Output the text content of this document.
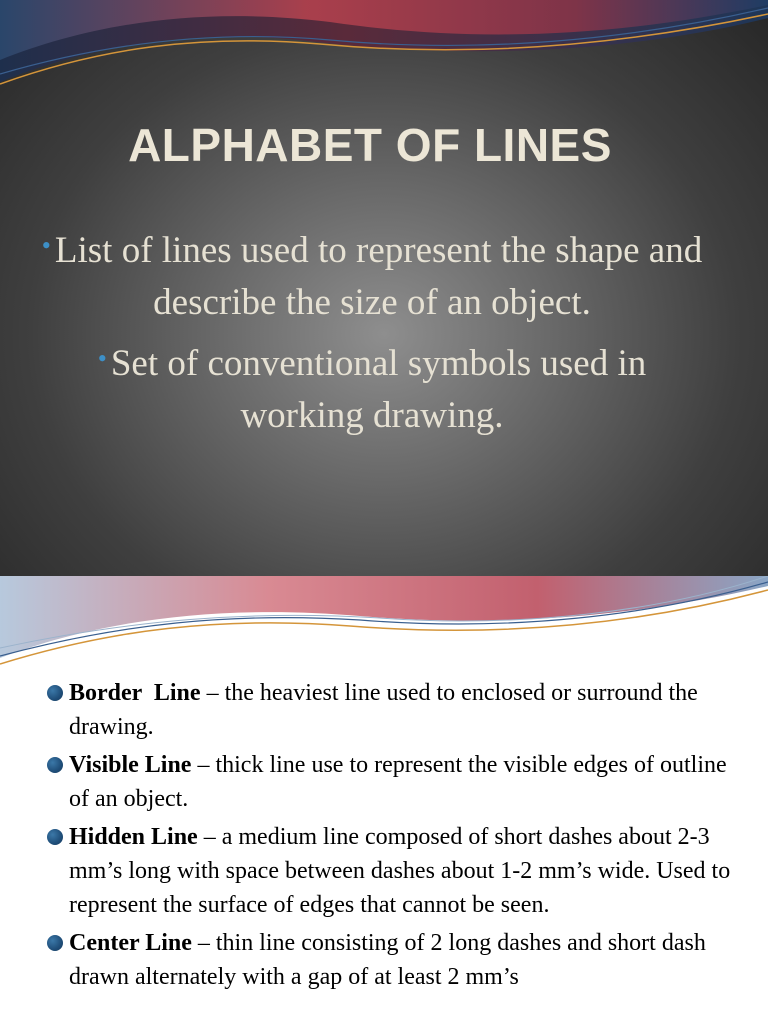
ALPHABET OF LINES
• List of lines used to represent the shape and describe the size of an object.
• Set of conventional symbols used in working drawing.
Border  Line – the heaviest line used to enclosed or surround the drawing.
Visible Line – thick line use to represent the visible edges of outline of an object.
Hidden Line – a medium line composed of short dashes about 2-3 mm’s long with space between dashes about 1-2 mm’s wide. Used to represent the surface of edges that cannot be seen.
Center Line – thin line consisting of 2 long dashes and short dash drawn alternately with a gap of at least 2 mm’s
